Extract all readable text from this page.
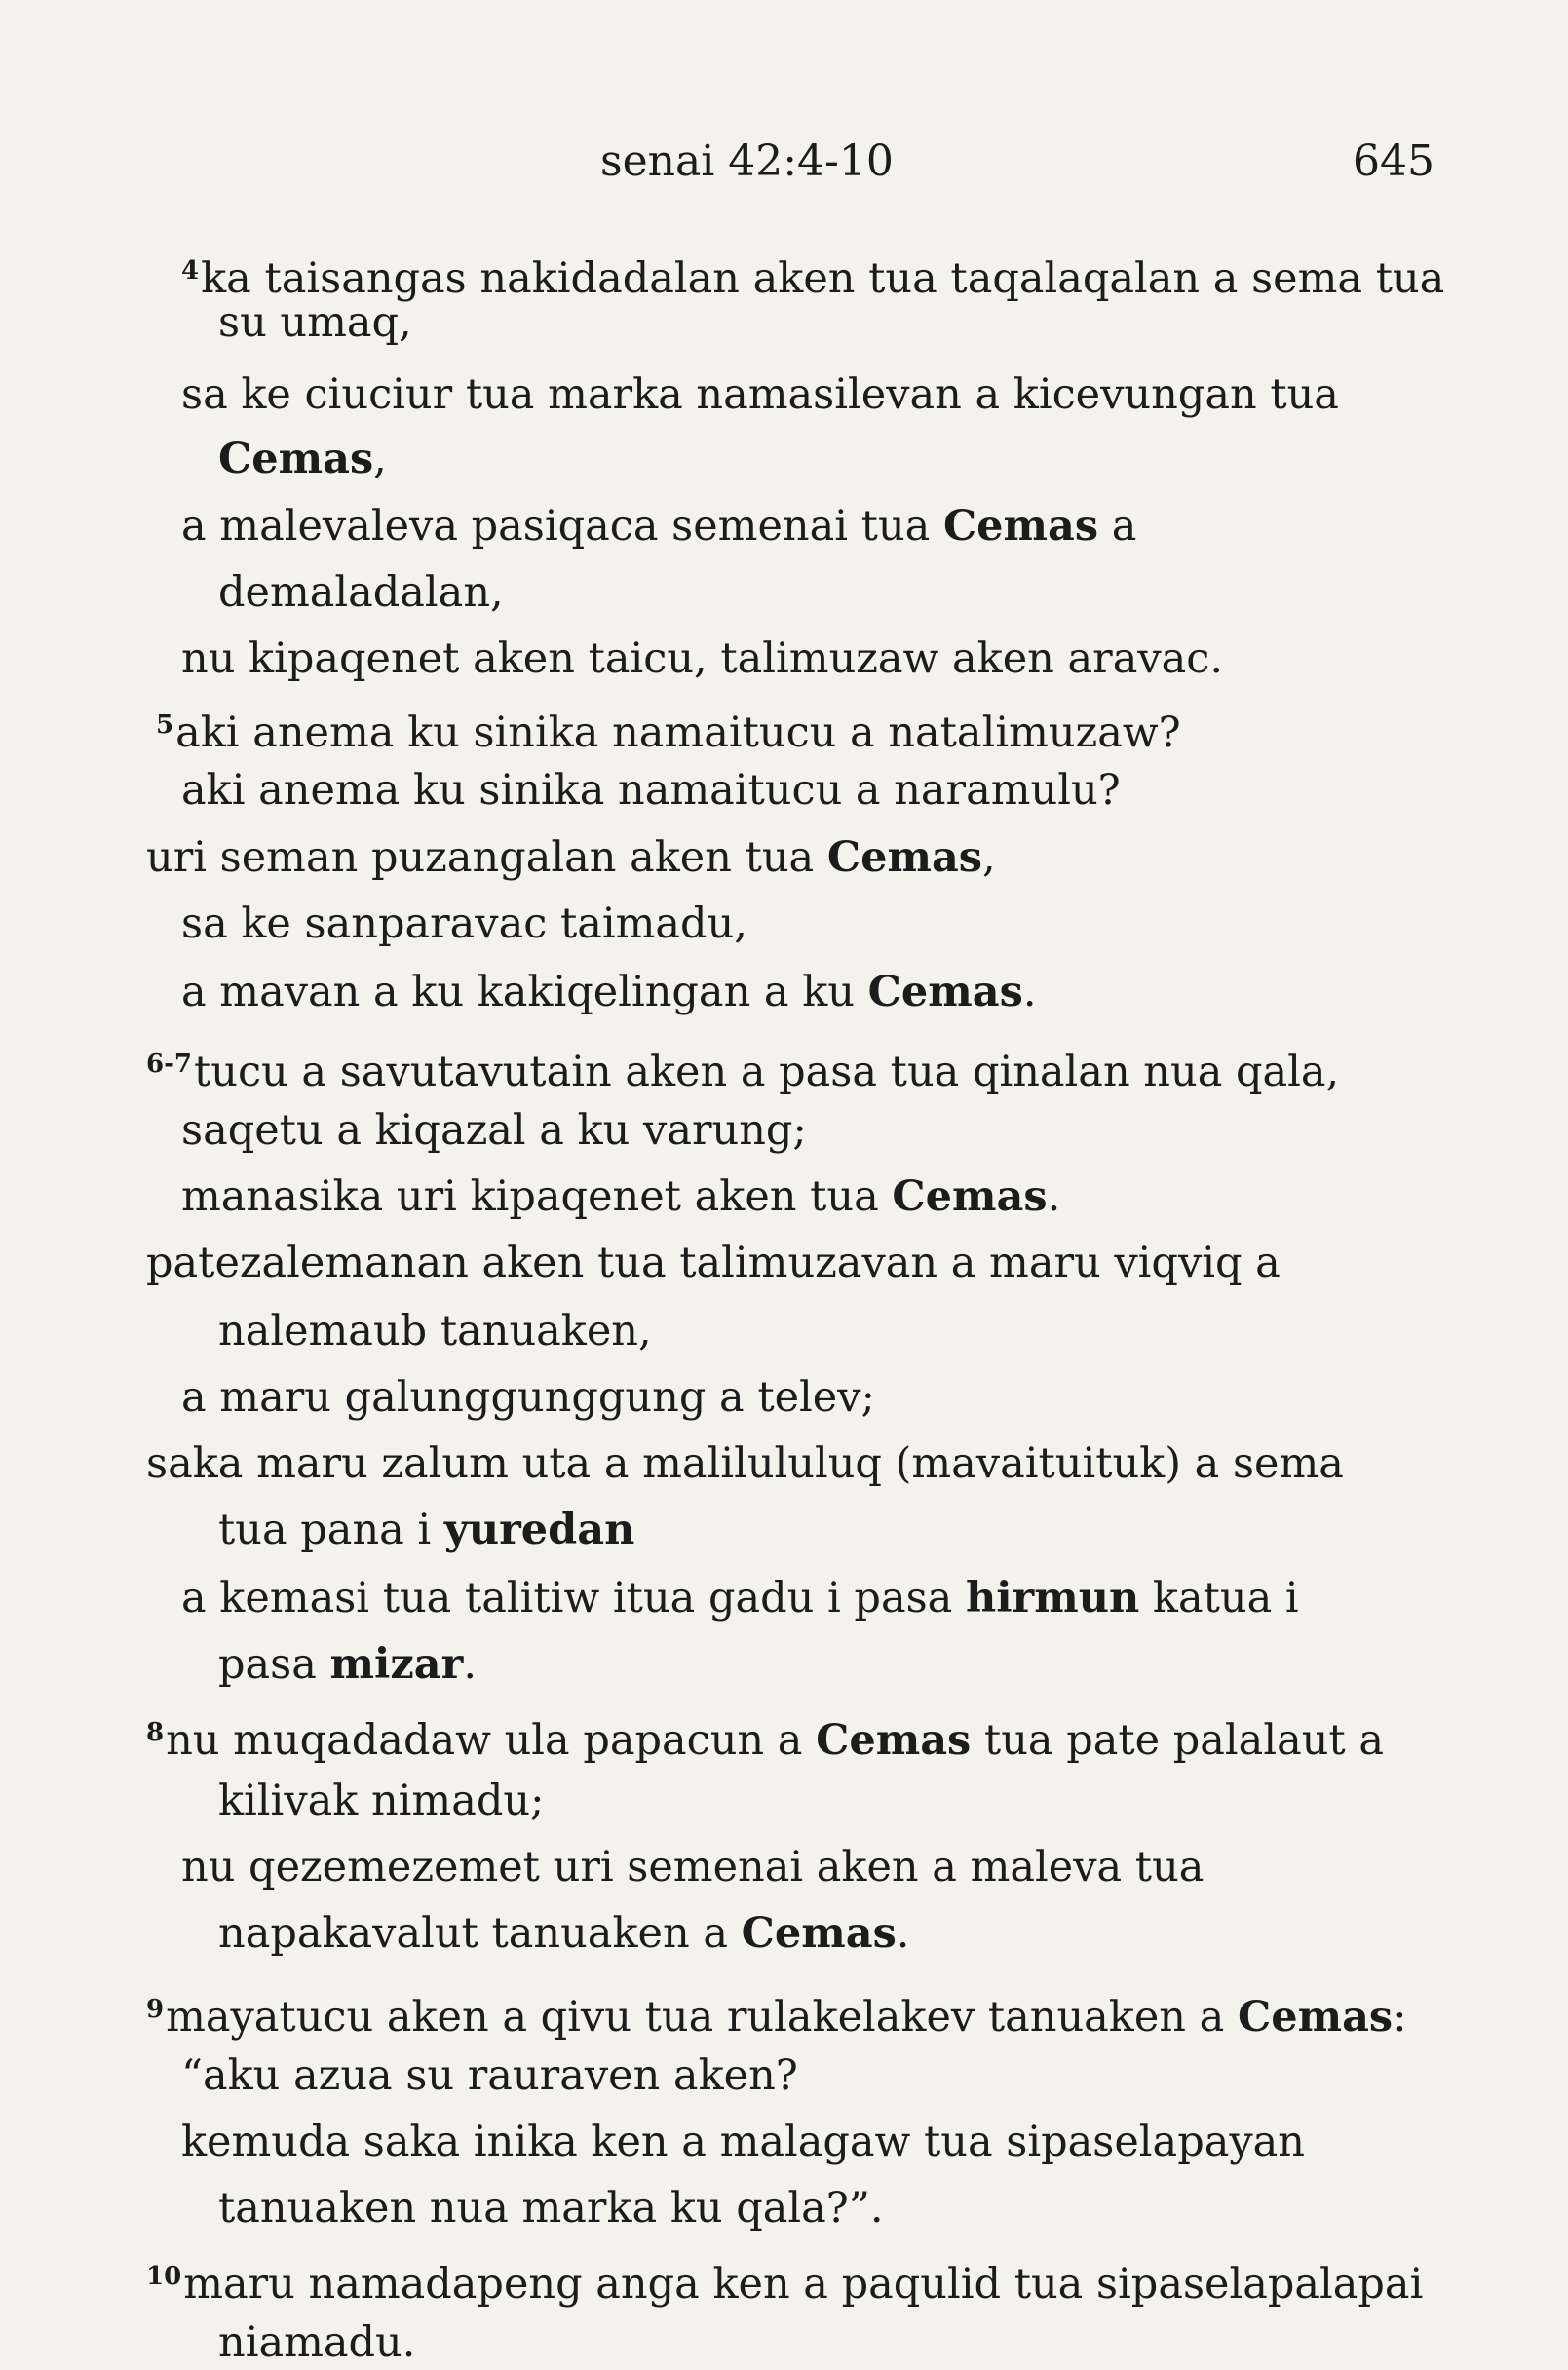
senai 42:4-10	645
$^4$ka taisangas nakidadalan aken tua taqalaqalan a sema tua
su umaq,
sa ke ciuciur tua marka namasilevan a kicevungan tua
Cemas,
a malevaleva pasiqaca semenai tua Cemas a
demaladalan,
nu kipaqenet aken taicu, talimuzaw aken aravac.
$^5$aki anema ku sinika namaitucu a natalimuzaw?
aki anema ku sinika namaitucu a naramulu?
uri seman puzangalan aken tua Cemas,
sa ke sanparavac taimadu,
a mavan a ku kakiqelingan a ku Cemas.
$^{6-7}$tucu a savutavutain aken a pasa tua qinalan nua qala,
saqetu a kiqazal a ku varung;
manasika uri kipaqenet aken tua Cemas.
patezalemanan aken tua talimuzavan a maru viqviq a
nalemaub tanuaken,
a maru galunggunggung a telev;
saka maru zalum uta a malilululuq (mavaituituk) a sema
tua pana i yuredan
a kemasi tua talitiw itua gadu i pasa hirmun katua i
pasa mizar.
$^8$nu muqadadaw ula papacun a Cemas tua pate palalaut a
kilivak nimadu;
nu qezemezemet uri semenai aken a maleva tua
napakavalut tanuaken a Cemas.
$^9$mayatucu aken a qivu tua rulakelakev tanuaken a Cemas:
“aku azua su rauraven aken?
kemuda saka inika ken a malagaw tua sipaselapayan
tanuaken nua marka ku qala?”.
$^{10}$maru namadapeng anga ken a paqulid tua sipaselapalapai
niamadu.
